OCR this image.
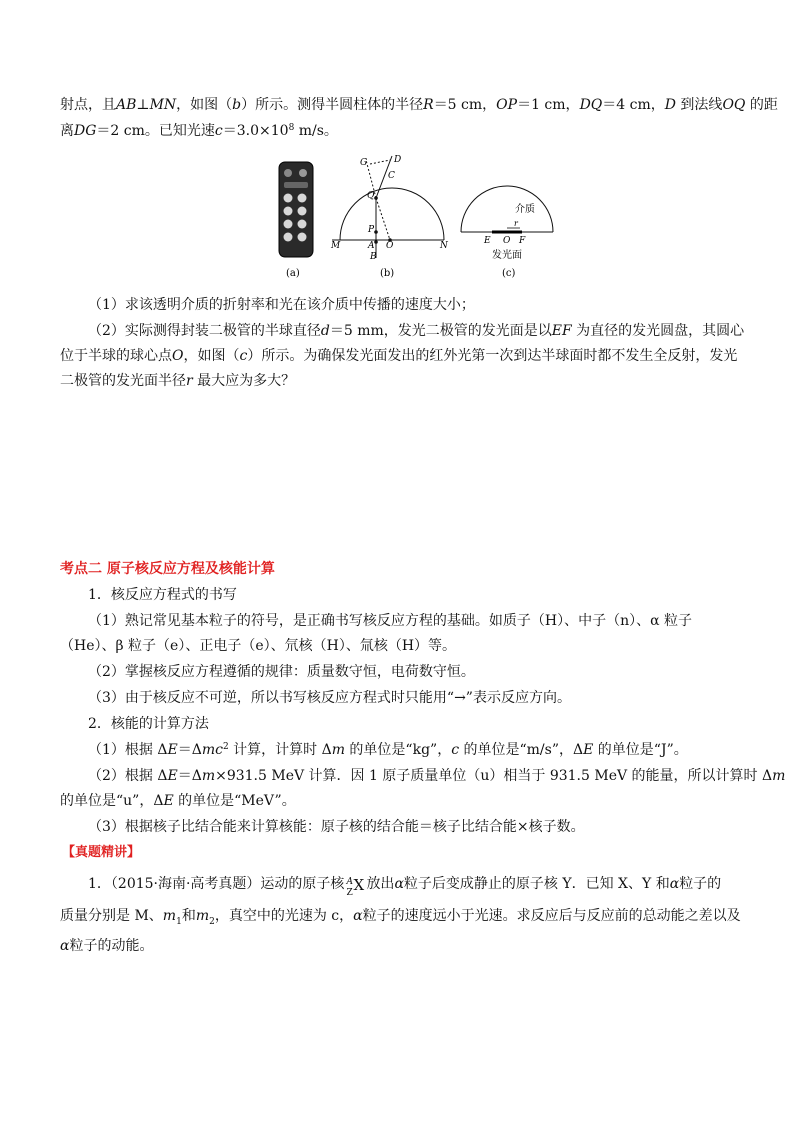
射点，且AB⊥MN，如图（b）所示。测得半圆柱体的半径R＝5 cm，OP＝1 cm，DQ＝4 cm，D 到法线OQ 的距
离DG＝2 cm。已知光速$c=3.0\times 10^8$ m/s。
(a)
G	D
C
Q
P
M	A O	N
B
(b)
介质
r
E O F
发光面
(c)
（1）求该透明介质的折射率和光在该介质中传播的速度大小；
（2）实际测得封装二极管的半球直径d＝5 mm，发光二极管的发光面是以EF 为直径的发光圆盘，其圆心
位于半球的球心点O，如图（c）所示。为确保发光面发出的红外光第一次到达半球面时都不发生全反射，发光
二极管的发光面半径r 最大应为多大？
考点二 原子核反应方程及核能计算
1．核反应方程式的书写
（1）熟记常见基本粒子的符号，是正确书写核反应方程的基础。如质子（H）、中子（n）、α 粒子
（He）、β 粒子（e）、正电子（e）、氘核（H）、氚核（H）等。
（2）掌握核反应方程遵循的规律：质量数守恒，电荷数守恒。
（3）由于核反应不可逆，所以书写核反应方程式时只能用“→”表示反应方向。
2．核能的计算方法
（1）根据 ΔE＝Δmc$^2$ 计算，计算时 Δm 的单位是“kg”，c 的单位是“m/s”，ΔE 的单位是“J”。
（2）根据 ΔE＝Δm×931.5 MeV 计算．因 1 原子质量单位（u）相当于 931.5 MeV 的能量，所以计算时 Δm
的单位是“u”，ΔE 的单位是“MeV”。
（3）根据核子比结合能来计算核能：原子核的结合能＝核子比结合能×核子数。
【真题精讲】
1．（2015·海南·高考真题）运动的原子核 A
Z X 放出α粒子后变成静止的原子核 Y．已知 X、Y 和α粒子的
质量分别是 M、$m_1$和$m_2$，真空中的光速为 c，α粒子的速度远小于光速。求反应后与反应前的总动能之差以及
α粒子的动能。
